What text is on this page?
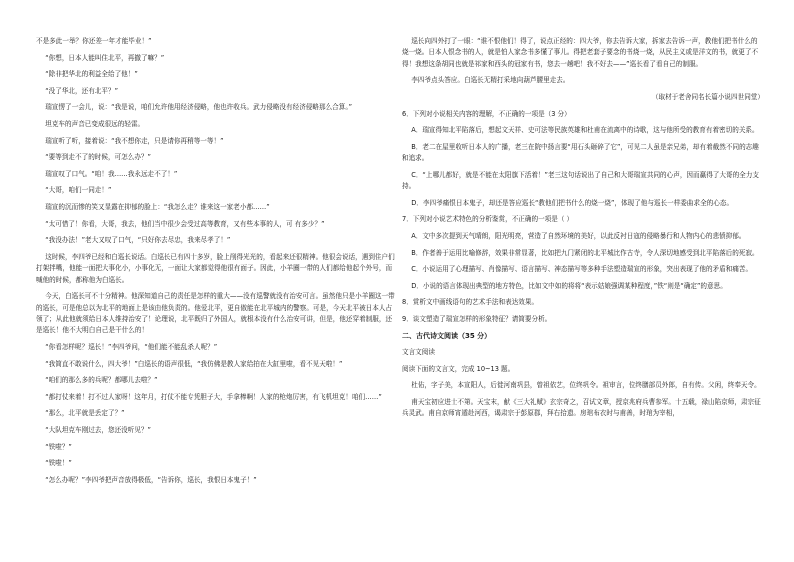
不是多此一举？你还差一年才能毕业！”

“你想，日本人能叫住北平，再撤了嘛？”

“除非把华北的利益全给了他！”

“没了华北，还有北平？”

瑞宣愣了一会儿，说：“我是说，咱们允许他用经济侵略，他也许收兵。武力侵略没有经济侵略那么合算。”

坦克车的声音已变成很远的轻雷。

瑞宣听了听，接着说：“我不想你走，只是请你再稍等一等！”

“要等到走不了的时候，可怎么办？”

瑞宣叹了口气。“咱！我……我永远走不了！”

“大哥，咱们一同走！”

瑞宣的沉而惨的笑又显露在抑郁的脸上：“我怎么走？谁来这一家老小都……”

“太可惜了！你看，大哥，我去，他们当中很少会受过高等教育，又有些本事的人，可 有多少？”

“我没办法！”老大又叹了口气，“只好你去尽忠，我来尽孝了！”

这时候，李四爷已经和白巡长说话。白巡长已有四十多岁，脸上削得光光的，看起来还很精神。他很会说话，遇到住户们打架拌嘴，他能一面把大事化小，小事化无，一面让大家都觉得他很有面子。因此，小羊圈一带的人们都给他起个外号，而喊他的时候，都称他为白巡长。

今天，白巡长可不十分精神。他深知道自己的责任是怎样的重大——没有巡警就没有治安可言。虽然他只是小羊圈这一带的巡长，可是他总以为北平的地面上是该由他负责的。他爱北平，更自傲能在北平城内的警察。可是，今天北平被日本人占领了；从此他就须给日本人维持治安了！论理说，北平既归了外国人，就根本没有什么治安可讲，但是，他还穿着制服，还是巡长！他不大明白自己是干什么的！

“你看怎样呢？巡长！”李四爷问，“他们能不能乱杀人呢？”

“我简直不敢说什么，四大爷！”白巡长的语声很低，“我仿佛是教人家给拍在大缸里啦，看不见天啦！”

“咱们的那么多的兵呢？都哪儿去啦？”

“都打仗来着！打不过人家呀！这年月，打仗不能专凭胆子大，手拿棒啊！人家的枪炮厉害，有飞机坦克！咱们……”

“那么，北平就是丢定了？”

“大队坦克车刚过去，您还没听见？”

“铁啦？”

“铁啦！”

“怎么办呢？”李四爷把声音放得极低，“告诉你，巡长，我恨日本鬼子！”

巡长向四外打了一眼：“谁不恨他们！得了，说点正经的：四大爷，你去告诉大家，拆家去告诉一声，教他们把书什么的烧一烧。日本人恨念书的人，就是怕人家念书多懂了事儿。得把老套子要念的书烧一烧，从民主义或是洋文的书，就更了不得！我想这条胡同也就是祁家和西头的冠家有书，您去一趟吧！我不好去——”巡长看了看自己的制服。

李四爷点头答应。白巡长无精打采地向葫芦腰里走去。

（取材于老舍同名长篇小说四世同堂）

6．下列对小说相关内容的理解，不正确的一项是（3 分）

A．瑞宣得知北平陷落后，想起文天祥、史可法等民族英雄和杜甫在流离中的诗歌，这与他所受的教育有着密切的关系。

B．老二在屋里收听日本人的广播，老三在院中扬言要“用石头砸碎了它”，可见二人虽是亲兄弟，却有着截然不同的志趣和追求。

C．“上哪儿都好，就是不能在太阳旗下活着！”老三这句话说出了自己和大哥瑞宣共同的心声，因而赢得了大哥的全力支持。

D．李四爷痛恨日本鬼子，却还是答应巡长“教他们把书什么的烧一烧”，体现了他与巡长一样委曲求全的心态。

7．下列对小说艺术特色的分析鉴赏，不正确的一项是（ ）

A．文中多次提到天气晴朗，阳光明亮，营造了自然环境的美好，以此反衬日寇的侵略暴行和人物内心的悲愤抑郁。

B．作者善于运用比喻修辞，效果非常显著，比如把九门紧闭的北平城比作古寺，令人深切地感受到北平陷落后的死寂。

C．小说运用了心理描写、肖像描写、语言描写、神态描写等多种手法塑造瑞宣的形象，突出表现了他的矛盾和痛苦。

D．小说的语言体现出典型的地方特色，比如文中如的将将“表示姑娘强调某种程度，”铁“则是“确定”的意思。

8．赏析文中画线语句的艺术手法和表达效果。

9．谈文塑造了瑞宣怎样的形象特征？请简要分析。

二、古代诗文阅读（35 分）

文言文阅读

阅读下面的文言文，完成 10~13 题。

杜佑，字子美，本宣阳人，后徙河南巩县，曾祖依艺，位终巩令。祖审言，位终膳部员外郎，自有传。父闲，终奉天令。

甫天宝初应进士不第。天宝末，献《三大礼赋》玄宗奇之，召试文章，授京兆府兵曹参军。十五载，禄山陷京师，肃宗征兵灵武。甫自京师宵遁赴河西，谒肃宗于彭原郡，拜右拾遗。房琯布衣时与甫善，时琯为宰相，
